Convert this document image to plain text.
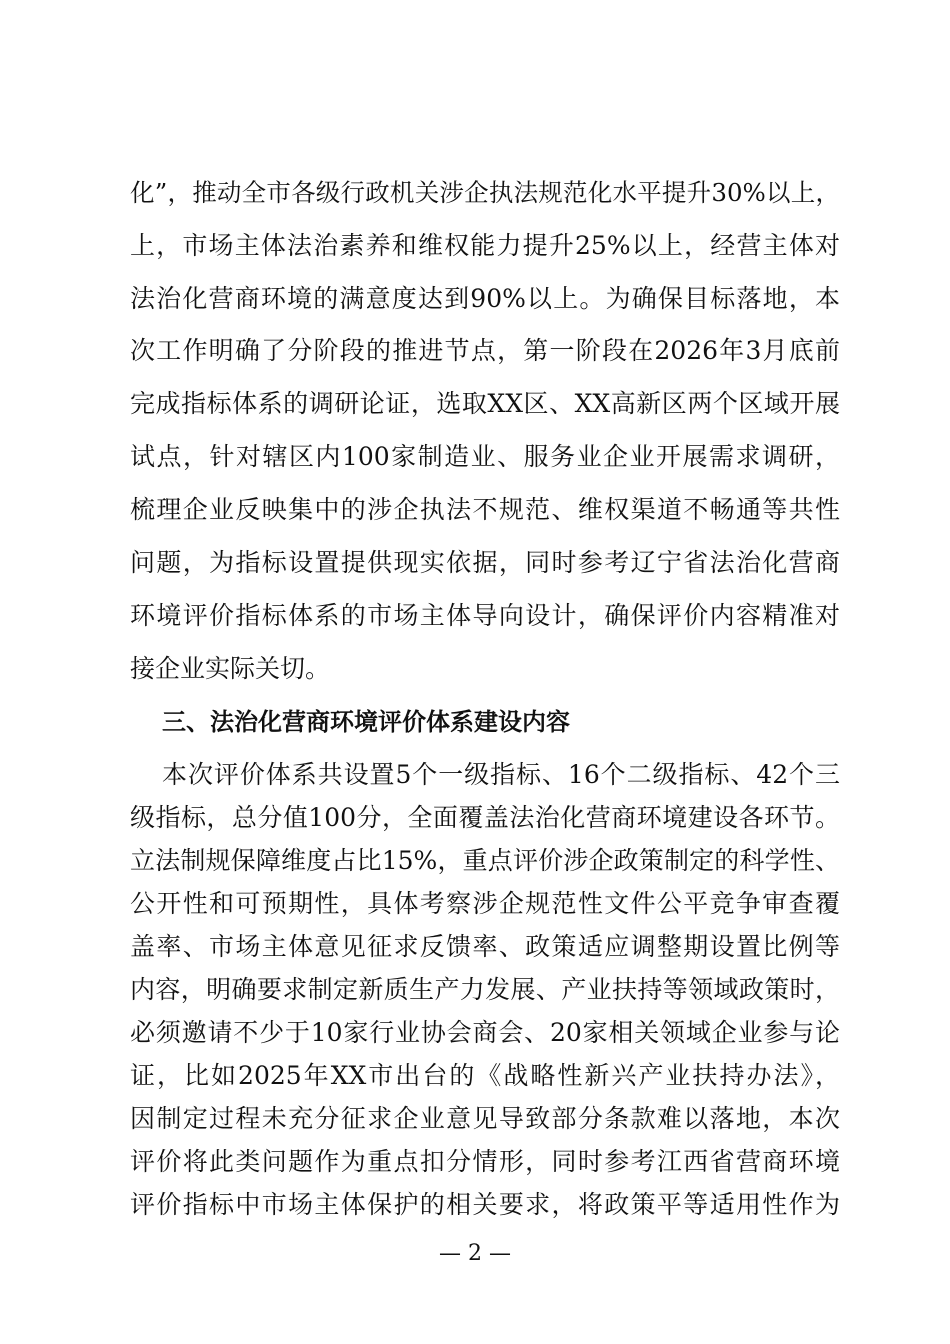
化”，推动全市各级行政机关涉企执法规范化水平提升30%以上，
上，市场主体法治素养和维权能力提升25%以上，经营主体对
法治化营商环境的满意度达到90%以上。为确保目标落地，本
次工作明确了分阶段的推进节点，第一阶段在2026年3月底前
完成指标体系的调研论证，选取XX区、XX高新区两个区域开展
试点，针对辖区内100家制造业、服务业企业开展需求调研，
梳理企业反映集中的涉企执法不规范、维权渠道不畅通等共性
问题，为指标设置提供现实依据，同时参考辽宁省法治化营商
环境评价指标体系的市场主体导向设计，确保评价内容精准对
接企业实际关切。
三、法治化营商环境评价体系建设内容
本次评价体系共设置5个一级指标、16个二级指标、42个三
级指标，总分值100分，全面覆盖法治化营商环境建设各环节。
立法制规保障维度占比15%，重点评价涉企政策制定的科学性、
公开性和可预期性，具体考察涉企规范性文件公平竞争审查覆
盖率、市场主体意见征求反馈率、政策适应调整期设置比例等
内容，明确要求制定新质生产力发展、产业扶持等领域政策时，
必须邀请不少于10家行业协会商会、20家相关领域企业参与论
证，比如2025年XX市出台的《战略性新兴产业扶持办法》，
因制定过程未充分征求企业意见导致部分条款难以落地，本次
评价将此类问题作为重点扣分情形，同时参考江西省营商环境
评价指标中市场主体保护的相关要求，将政策平等适用性作为
— 2 —
